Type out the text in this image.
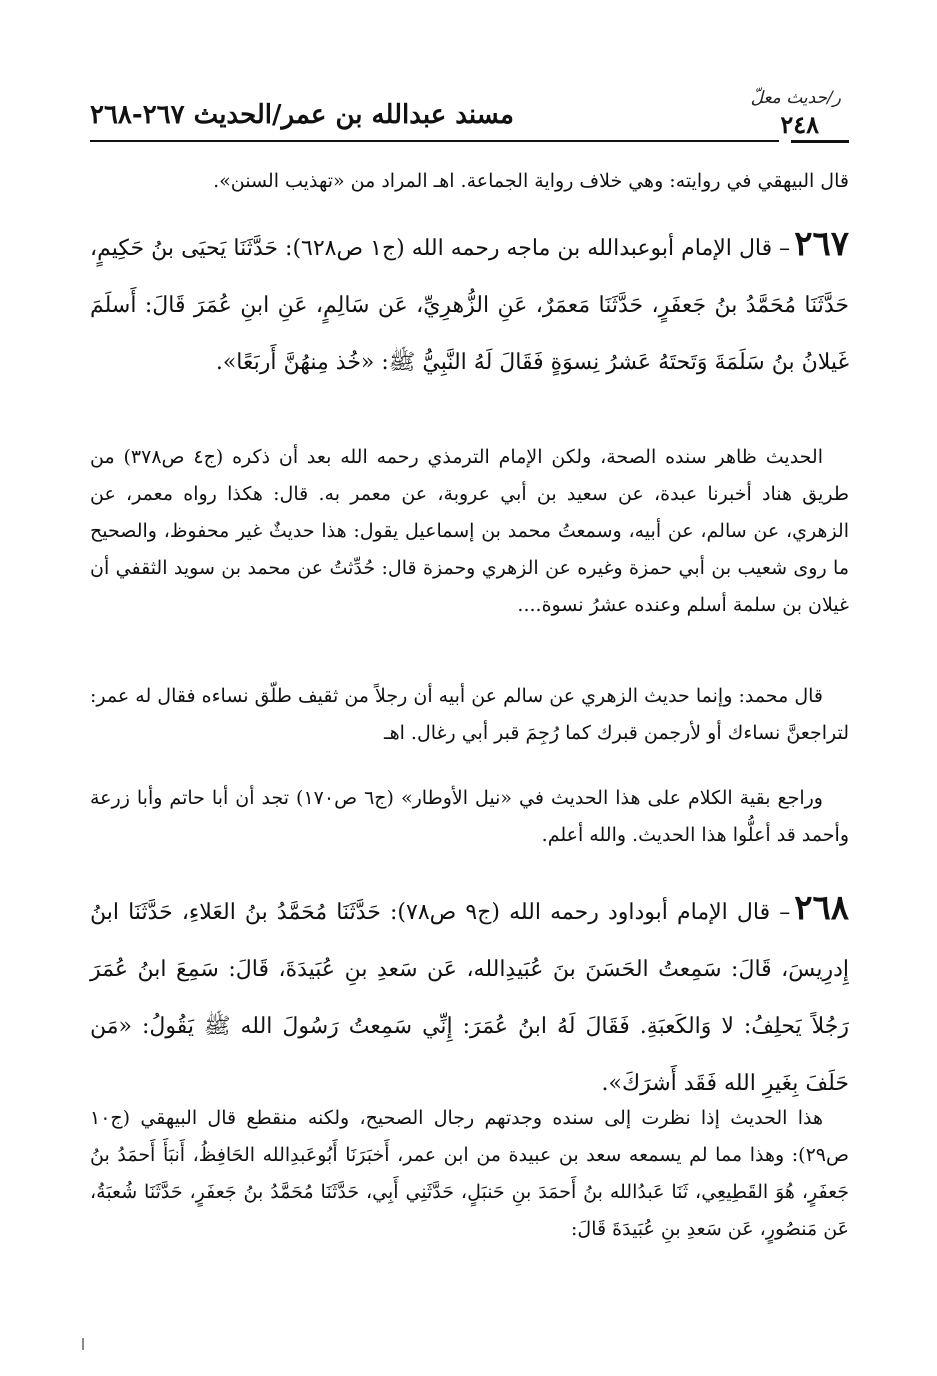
ر/حديث معلّ
مسند عبدالله بن عمر/الحديث ٢٦٧-٢٦٨	٢٤٨

قال البيهقي في روايته: وهي خلاف رواية الجماعة. اهـ المراد من «تهذيب السنن».

٢٦٧– قال الإمام أبوعبدالله بن ماجه رحمه الله (ج١ ص٦٢٨): حَدَّثَنَا يَحيَى بنُ حَكِيمٍ، حَدَّثَنَا مُحَمَّدُ بنُ جَعفَرٍ، حَدَّثَنَا مَعمَرٌ، عَنِ الزُّهرِيِّ، عَن سَالِمٍ، عَنِ ابنِ عُمَرَ قَالَ: أَسلَمَ غَيلانُ بنُ سَلَمَةَ وَتَحتَهُ عَشرُ نِسوَةٍ فَقَالَ لَهُ النَّبِيُّ ﷺ: «خُذ مِنهُنَّ أَربَعًا».

الحديث ظاهر سنده الصحة، ولكن الإمام الترمذي رحمه الله بعد أن ذكره (ج٤ ص٣٧٨) من طريق هناد أخبرنا عبدة، عن سعيد بن أبي عروبة، عن معمر به. قال: هكذا رواه معمر، عن الزهري، عن سالم، عن أبيه، وسمعتُ محمد بن إسماعيل يقول: هذا حديثٌ غير محفوظ، والصحيح ما روى شعيب بن أبي حمزة وغيره عن الزهري وحمزة قال: حُدِّثتُ عن محمد بن سويد الثقفي أن غيلان بن سلمة أسلم وعنده عشرُ نسوة....

قال محمد: وإنما حديث الزهري عن سالم عن أبيه أن رجلاً من ثقيف طلّق نساءه فقال له عمر: لتراجعنَّ نساءك أو لأرجمن قبرك كما رُجِمَ قبر أبي رغال. اهـ

وراجع بقية الكلام على هذا الحديث في «نيل الأوطار» (ج٦ ص١٧٠) تجد أن أبا حاتم وأبا زرعة وأحمد قد أعلُّوا هذا الحديث. والله أعلم.

٢٦٨– قال الإمام أبوداود رحمه الله (ج٩ ص٧٨): حَدَّثَنَا مُحَمَّدُ بنُ العَلاءِ، حَدَّثَنَا ابنُ إِدرِيسَ، قَالَ: سَمِعتُ الحَسَنَ بنَ عُبَيدِالله، عَن سَعدِ بنِ عُبَيدَةَ، قَالَ: سَمِعَ ابنُ عُمَرَ رَجُلاً يَحلِفُ: لا وَالكَعبَةِ. فَقَالَ لَهُ ابنُ عُمَرَ: إِنِّي سَمِعتُ رَسُولَ الله ﷺ يَقُولُ: «مَن حَلَفَ بِغَيرِ الله فَقَد أَشرَكَ».

هذا الحديث إذا نظرت إلى سنده وجدتهم رجال الصحيح، ولكنه منقطع قال البيهقي (ج١٠ ص٢٩): وهذا مما لم يسمعه سعد بن عبيدة من ابن عمر، أَخبَرَنَا أَبُوعَبدِالله الحَافِظُ، أَنبَأَ أَحمَدُ بنُ جَعفَرٍ، هُوَ القَطِيعِي، ثَنَا عَبدُالله بنُ أَحمَدَ بنِ حَنبَلٍ، حَدَّثَنِي أَبِي، حَدَّثَنَا مُحَمَّدُ بنُ جَعفَرٍ، حَدَّثَنَا شُعبَةُ، عَن مَنصُورٍ، عَن سَعدِ بنِ عُبَيدَةَ قَالَ:
